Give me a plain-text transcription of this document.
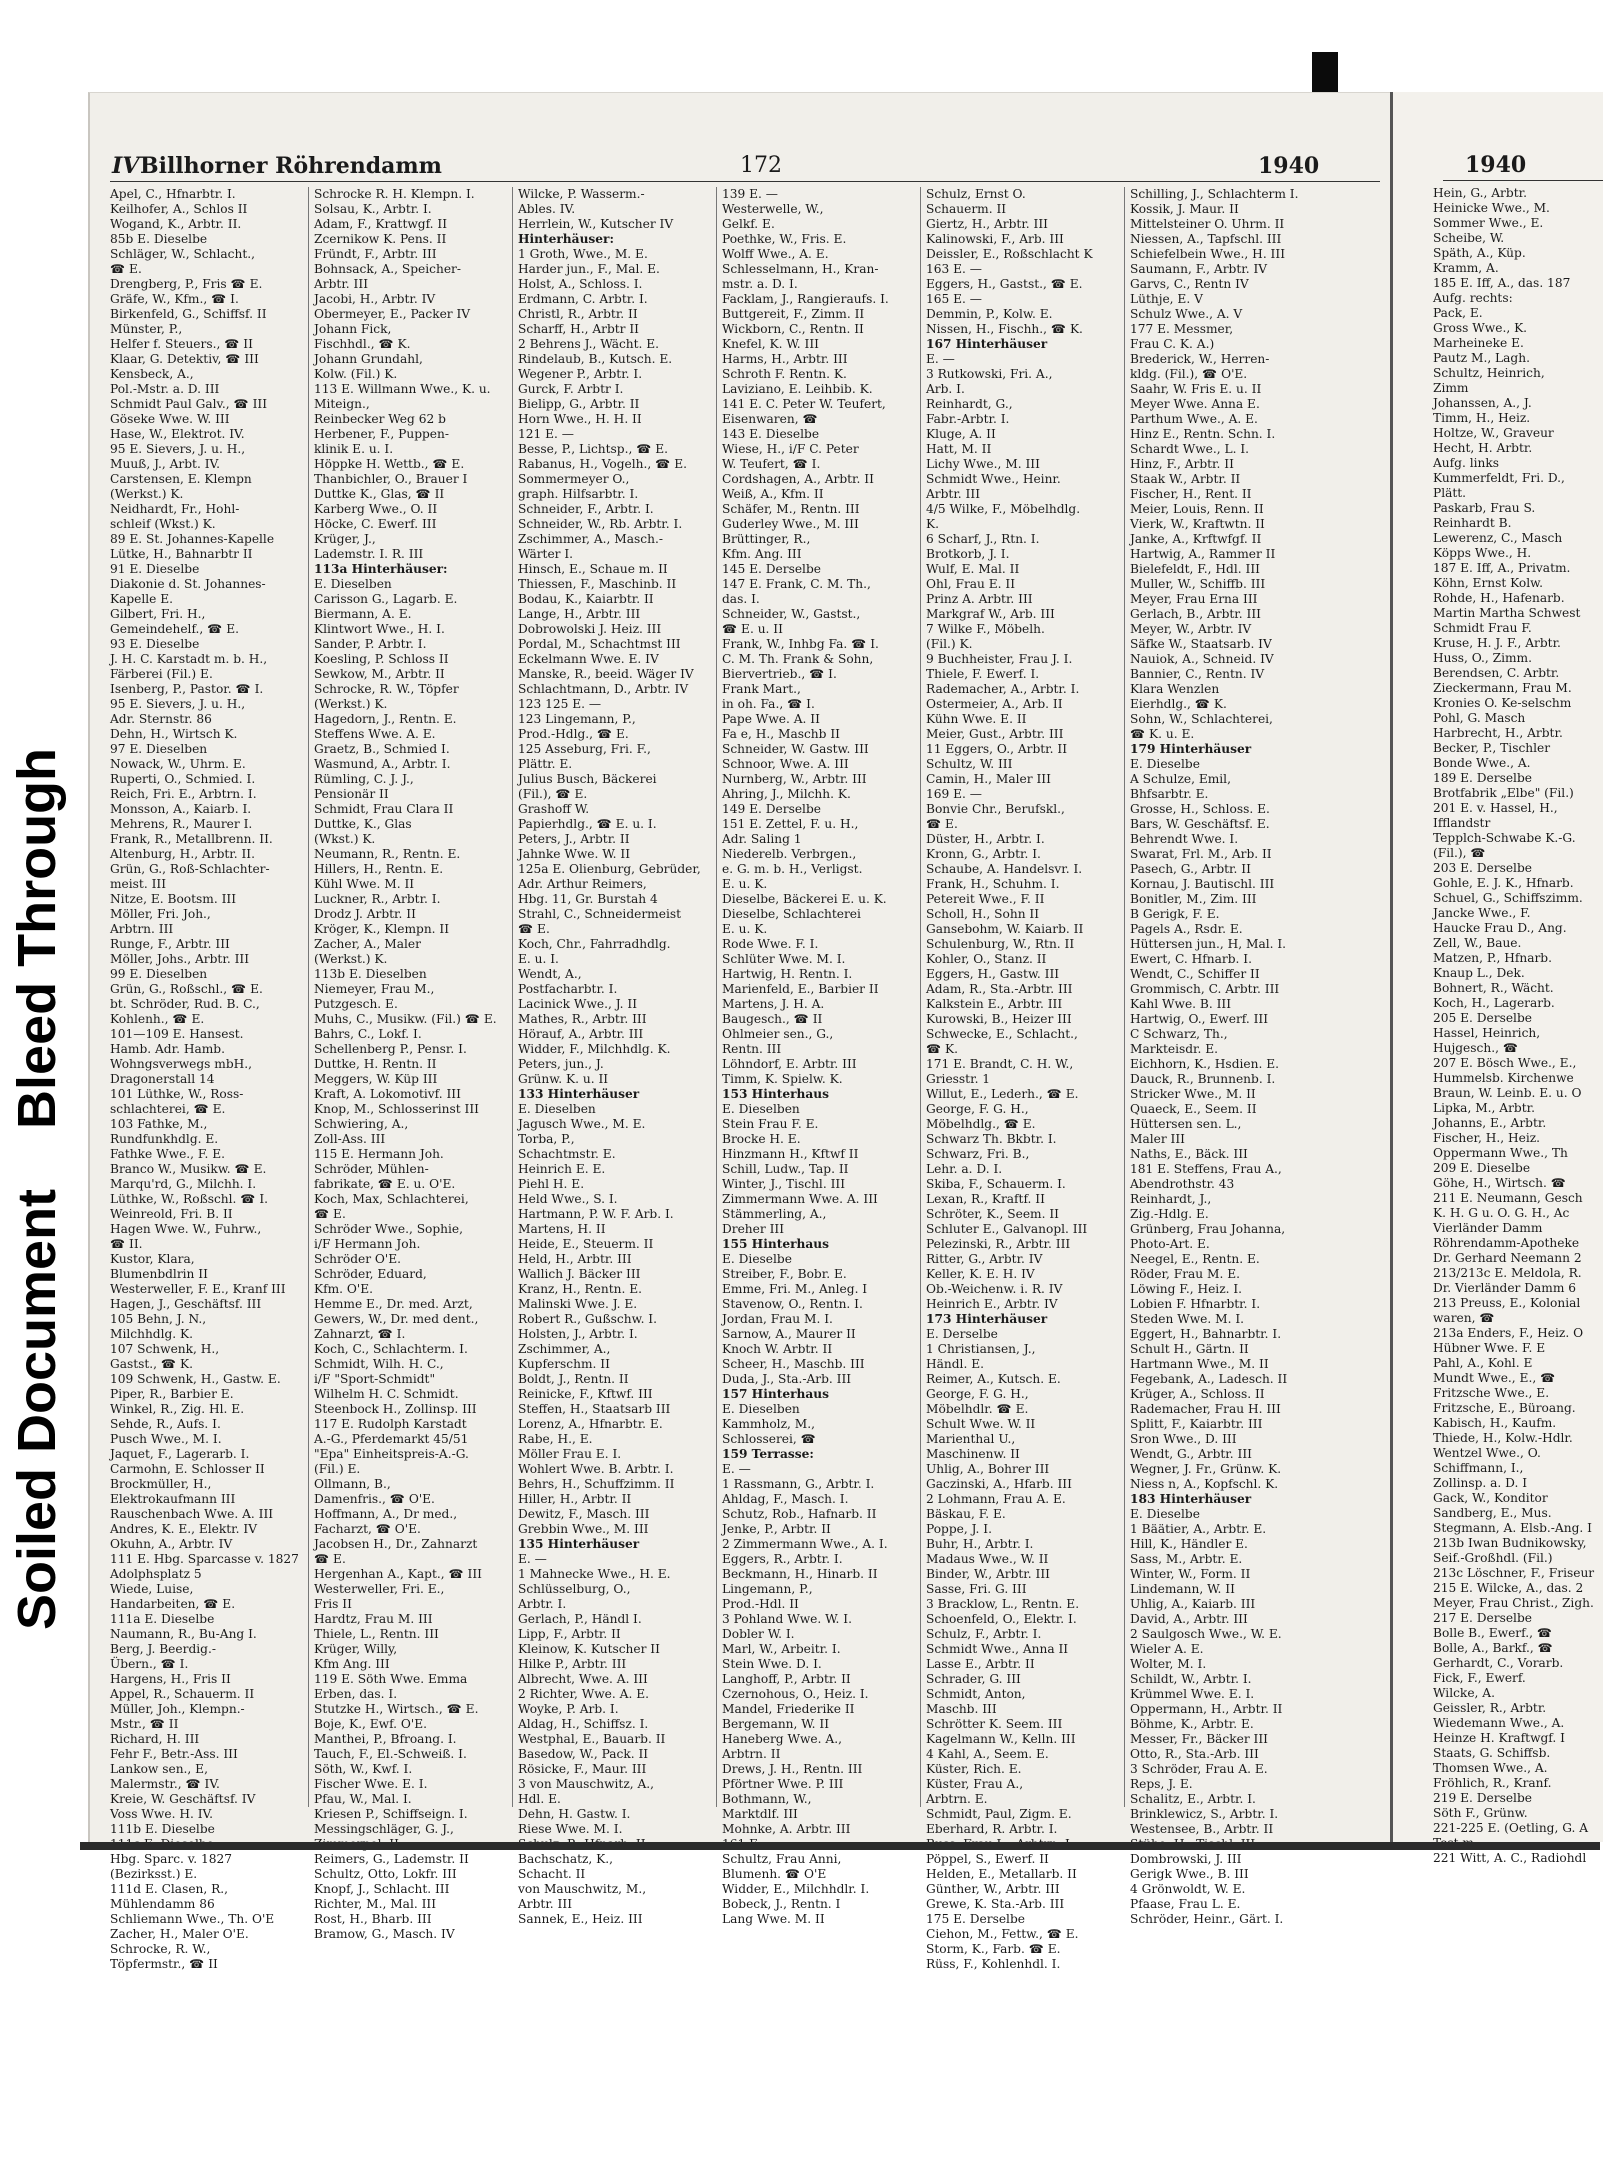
Soiled DocumentBleed Through
IV Billhorner Röhrendamm	172	1940
Apel, C., Hfnarbtr. I.
Keilhofer, A., Schlos II
Wogand, K., Arbtr. II.
85b E. Dieselbe
Schläger, W., Schlacht.,
☎ E.
Drengberg, P., Fris ☎ E.
Gräfe, W., Kfm., ☎ I.
Birkenfeld, G., Schiffsf. II
Münster, P.,
Helfer f. Steuers., ☎ II
Klaar, G. Detektiv, ☎ III
Kensbeck, A.,
Pol.-Mstr. a. D. III
Schmidt Paul Galv., ☎ III
Göseke Wwe. W. III
Hase, W., Elektrot. IV.
95 E. Sievers, J. u. H.,
Muuß, J., Arbt. IV.
Carstensen, E. Klempn
(Werkst.) K.
Neidhardt, Fr., Hohl-
schleif (Wkst.) K.
89 E. St. Johannes-Kapelle
Lütke, H., Bahnarbtr II
91 E. Dieselbe
Diakonie d. St. Johannes-
Kapelle E.
Gilbert, Fri. H.,
Gemeindehelf., ☎ E.
93 E. Dieselbe
J. H. C. Karstadt m. b. H.,
Färberei (Fil.) E.
Isenberg, P., Pastor. ☎ I.
95 E. Sievers, J. u. H.,
Adr. Sternstr. 86
Dehn, H., Wirtsch K.
97 E. Dieselben
Nowack, W., Uhrm. E.
Ruperti, O., Schmied. I.
Reich, Fri. E., Arbtrn. I.
Monsson, A., Kaiarb. I.
Mehrens, R., Maurer I.
Frank, R., Metallbrenn. II.
Altenburg, H., Arbtr. II.
Grün, G., Roß-Schlachter-
meist. III
Nitze, E. Bootsm. III
Möller, Fri. Joh.,
Arbtrn. III
Runge, F., Arbtr. III
Möller, Johs., Arbtr. III
99 E. Dieselben
Grün, G., Roßschl., ☎ E.
bt. Schröder, Rud. B. C.,
Kohlenh., ☎ E.
101—109 E. Hansest.
Hamb. Adr. Hamb.
Wohngsverwegs mbH.,
Dragonerstall 14
101 Lüthke, W., Ross-
schlachterei, ☎ E.
103 Fathke, M.,
Rundfunkhdlg. E.
Fathke Wwe., F. E.
Branco W., Musikw. ☎ E.
Marqu'rd, G., Milchh. I.
Lüthke, W., Roßschl. ☎ I.
Weinreold, Fri. B. II
Hagen Wwe. W., Fuhrw.,
☎ II.
Kustor, Klara,
Blumenbdlrin II
Westerweller, F. E., Kranf III
Hagen, J., Geschäftsf. III
105 Behn, J. N.,
Milchhdlg. K.
107 Schwenk, H.,
Gastst., ☎ K.
109 Schwenk, H., Gastw. E.
Piper, R., Barbier E.
Winkel, R., Zig. Hl. E.
Sehde, R., Aufs. I.
Pusch Wwe., M. I.
Jaquet, F., Lagerarb. I.
Carmohn, E. Schlosser II
Brockmüller, H.,
Elektrokaufmann III
Rauschenbach Wwe. A. III
Andres, K. E., Elektr. IV
Okuhn, A., Arbtr. IV
111 E. Hbg. Sparcasse v. 1827
Adolphsplatz 5
Wiede, Luise,
Handarbeiten, ☎ E.
111a E. Dieselbe
Naumann, R., Bu-Ang I.
Berg, J. Beerdig.-
Übern., ☎ I.
Hargens, H., Fris II
Appel, R., Schauerm. II
Müller, Joh., Klempn.-
Mstr., ☎ II
Richard, H. III
Fehr F., Betr.-Ass. III
Lankow sen., E,
Malermstr., ☎ IV.
Kreie, W. Geschäftsf. IV
Voss Wwe. H. IV.
111b E. Dieselbe
Hbg. Sparc. v. 1827
(Bezirksst.) E.
111d E. Clasen, R.,
Mühlendamm 86
Schliemann Wwe., Th. O'E
Zacher, H., Maler O'E.
Schrocke, R. W.,
Töpfermstr., ☎ II
Schrocke R. H. Klempn. I.
Solsau, K., Arbtr. I.
Adam, F., Krattwgf. II
Zcernikow K. Pens. II
Fründt, F., Arbtr. III
Bohnsack, A., Speicher-
Arbtr. III
Jacobi, H., Arbtr. IV
Obermeyer, E., Packer IV
Johann Fick,
Fischhdl., ☎ K.
Johann Grundahl,
Kolw. (Fil.) K.
113 E. Willmann Wwe., K. u.
Miteign.,
Reinbecker Weg 62 b
Herbener, F., Puppen-
klinik E. u. I.
Höppke H. Wettb., ☎ E.
Thanbichler, O., Brauer I
Duttke K., Glas, ☎ II
Karberg Wwe., O. II
Höcke, C. Ewerf. III
Krüger, J.,
Lademstr. I. R. III
113a Hinterhäuser:
E. Dieselben
Carisson G., Lagarb. E.
Biermann, A. E.
Klintwort Wwe., H. I.
Sander, P. Arbtr. I.
Koesling, P. Schloss II
Sewkow, M., Arbtr. II
Schrocke, R. W., Töpfer
(Werkst.) K.
Hagedorn, J., Rentn. E.
Steffens Wwe. A. E.
Graetz, B., Schmied I.
Wasmund, A., Arbtr. I.
Rümling, C. J. J.,
Pensionär II
Schmidt, Frau Clara II
Duttke, K., Glas
(Wkst.) K.
Neumann, R., Rentn. E.
Hillers, H., Rentn. E.
Kühl Wwe. M. II
Luckner, R., Arbtr. I.
Drodz J. Arbtr. II
Kröger, K., Klempn. II
Zacher, A., Maler
(Werkst.) K.
113b E. Dieselben
Niemeyer, Frau M.,
Putzgesch. E.
Muhs, C., Musikw. (Fil.) ☎ E.
Bahrs, C., Lokf. I.
Schellenberg P., Pensr. I.
Duttke, H. Rentn. II
Meggers, W. Küp III
Kraft, A. Lokomotivf. III
Knop, M., Schlosserinst III
Schwiering, A.,
Zoll-Ass. III
115 E. Hermann Joh.
Schröder, Mühlen-
fabrikate, ☎ E. u. O'E.
Koch, Max, Schlachterei,
☎ E.
Schröder Wwe., Sophie,
i/F Hermann Joh.
Schröder O'E.
Schröder, Eduard,
Kfm. O'E.
Hemme E., Dr. med. Arzt,
Gewers, W., Dr. med dent.,
Zahnarzt, ☎ I.
Koch, C., Schlachterm. I.
Schmidt, Wilh. H. C.,
i/F "Sport-Schmidt"
Wilhelm H. C. Schmidt.
Steenbock H., Zollinsp. III
117 E. Rudolph Karstadt
A.-G., Pferdemarkt 45/51
"Epa" Einheitspreis-A.-G.
(Fil.) E.
Ollmann, B.,
Damenfris., ☎ O'E.
Hoffmann, A., Dr med.,
Facharzt, ☎ O'E.
Jacobsen H., Dr., Zahnarzt
☎ E.
Hergenhan A., Kapt., ☎ III
Westerweller, Fri. E.,
Fris II
Hardtz, Frau M. III
Thiele, L., Rentn. III
Krüger, Willy,
Kfm Ang. III
119 E. Söth Wwe. Emma
Erben, das. I.
Stutzke H., Wirtsch., ☎ E.
Boje, K., Ewf. O'E.
Manthei, P., Bfroang. I.
Tauch, F., El.-Schweiß. I.
Söth, W., Kwf. I.
Fischer Wwe. E. I.
Pfau, W., Mal. I.
Kriesen P., Schiffseign. I.
Messingschläger, G. J.,
Reimers, G., Lademstr. II
Schultz, Otto, Lokfr. III
Knopf, J., Schlacht. III
Richter, M., Mal. III
Rost, H., Bharb. III
Bramow, G., Masch. IV
Wilcke, P. Wasserm.-
Ables. IV.
Herrlein, W., Kutscher IV
Hinterhäuser:
1 Groth, Wwe., M. E.
Harder jun., F., Mal. E.
Holst, A., Schloss. I.
Erdmann, C. Arbtr. I.
Christl, R., Arbtr. II
Scharff, H., Arbtr II
2 Behrens J., Wächt. E.
Rindelaub, B., Kutsch. E.
Wegener P., Arbtr. I.
Gurck, F. Arbtr I.
Bielipp, G., Arbtr. II
Horn Wwe., H. H. II
121 E. —
Besse, P., Lichtsp., ☎ E.
Rabanus, H., Vogelh., ☎ E.
Sommermeyer O.,
graph. Hilfsarbtr. I.
Schneider, F., Arbtr. I.
Schneider, W., Rb. Arbtr. I.
Zschimmer, A., Masch.-
Wärter I.
Hinsch, E., Schaue m. II
Thiessen, F., Maschinb. II
Bodau, K., Kaiarbtr. II
Lange, H., Arbtr. III
Dobrowolski J. Heiz. III
Pordal, M., Schachtmst III
Eckelmann Wwe. E. IV
Manske, R., beeid. Wäger IV
Schlachtmann, D., Arbtr. IV
123 125 E. —
123 Lingemann, P.,
Prod.-Hdlg., ☎ E.
125 Asseburg, Fri. F.,
Plättr. E.
Julius Busch, Bäckerei
(Fil.), ☎ E.
Grashoff W.
Papierhdlg., ☎ E. u. I.
Peters, J., Arbtr. II
Jahnke Wwe. W. II
125a E. Olienburg, Gebrüder,
Adr. Arthur Reimers,
Hbg. 11, Gr. Burstah 4
Strahl, C., Schneidermeist
☎ E.
Koch, Chr., Fahrradhdlg.
E. u. I.
Wendt, A.,
Postfacharbtr. I.
Lacinick Wwe., J. II
Mathes, R., Arbtr. III
Hörauf, A., Arbtr. III
Widder, F., Milchhdlg. K.
Peters, jun., J.
Grünw. K. u. II
133 Hinterhäuser
E. Dieselben
Jagusch Wwe., M. E.
Torba, P.,
Schachtmstr. E.
Heinrich E. E.
Piehl H. E.
Held Wwe., S. I.
Hartmann, P. W. F. Arb. I.
Martens, H. II
Heide, E., Steuerm. II
Held, H., Arbtr. III
Wallich J. Bäcker III
Kranz, H., Rentn. E.
Malinski Wwe. J. E.
Robert R., Gußschw. I.
Holsten, J., Arbtr. I.
Zschimmer, A.,
Kupferschm. II
Boldt, J., Rentn. II
Reinicke, F., Kftwf. III
Steffen, H., Staatsarb III
Lorenz, A., Hfnarbtr. E.
Rabe, H., E.
Möller Frau E. I.
Wohlert Wwe. B. Arbtr. I.
Behrs, H., Schuffzimm. II
Hiller, H., Arbtr. II
Dewitz, F., Masch. III
Grebbin Wwe., M. III
135 Hinterhäuser
E. —
1 Mahnecke Wwe., H. E.
Schlüsselburg, O.,
Arbtr. I.
Gerlach, P., Händl I.
Lipp, F., Arbtr. II
Kleinow, K. Kutscher II
Hilke P., Arbtr. III
Albrecht, Wwe. A. III
2 Richter, Wwe. A. E.
Woyke, P. Arb. I.
Aldag, H., Schiffsz. I.
Westphal, E., Bauarb. II
Basedow, W., Pack. II
Rösicke, F., Maur. III
3 von Mauschwitz, A.,
Hdl. E.
Dehn, H. Gastw. I.
Riese Wwe. M. I.
Bachschatz, K.,
Schacht. II
von Mauschwitz, M.,
Arbtr. III
Sannek, E., Heiz. III
139 E. —
Westerwelle, W.,
Gelkf. E.
Poethke, W., Fris. E.
Wolff Wwe., A. E.
Schlesselmann, H., Kran-
mstr. a. D. I.
Facklam, J., Rangieraufs. I.
Buttgereit, F., Zimm. II
Wickborn, C., Rentn. II
Knefel, K. W. III
Harms, H., Arbtr. III
Schroth F. Rentn. K.
Laviziano, E. Leihbib. K.
141 E. C. Peter W. Teufert,
Eisenwaren, ☎
143 E. Dieselbe
Wiese, H., i/F C. Peter
W. Teufert, ☎ I.
Cordshagen, A., Arbtr. II
Weiß, A., Kfm. II
Schäfer, M., Rentn. III
Guderley Wwe., M. III
Brüttinger, R.,
Kfm. Ang. III
145 E. Derselbe
147 E. Frank, C. M. Th.,
das. I.
Schneider, W., Gastst.,
☎ E. u. II
Frank, W., Inhbg Fa. ☎ I.
C. M. Th. Frank & Sohn,
Biervertrieb., ☎ I.
Frank Mart.,
in oh. Fa., ☎ I.
Pape Wwe. A. II
Fa e, H., Maschb II
Schneider, W. Gastw. III
Schnoor, Wwe. A. III
Nurnberg, W., Arbtr. III
Ahring, J., Milchh. K.
149 E. Derselbe
151 E. Zettel, F. u. H.,
Adr. Saling 1
Niederelb. Verbrgen.,
e. G. m. b. H., Verligst.
E. u. K.
Dieselbe, Bäckerei E. u. K.
Dieselbe, Schlachterei
E. u. K.
Rode Wwe. F. I.
Schlüter Wwe. M. I.
Hartwig, H. Rentn. I.
Marienfeld, E., Barbier II
Martens, J. H. A.
Baugesch., ☎ II
Ohlmeier sen., G.,
Rentn. III
Löhndorf, E. Arbtr. III
Timm, K. Spielw. K.
153 Hinterhaus
E. Dieselben
Stein Frau F. E.
Brocke H. E.
Hinzmann H., Kftwf II
Schill, Ludw., Tap. II
Winter, J., Tischl. III
Zimmermann Wwe. A. III
Stämmerling, A.,
Dreher III
155 Hinterhaus
E. Dieselbe
Streiber, F., Bobr. E.
Emme, Fri. M., Anleg. I
Stavenow, O., Rentn. I.
Jordan, Frau M. I.
Sarnow, A., Maurer II
Knoch W. Arbtr. II
Scheer, H., Maschb. III
Duda, J., Sta.-Arb. III
157 Hinterhaus
E. Dieselben
Kammholz, M.,
Schlosserei, ☎
159 Terrasse:
E. —
1 Rassmann, G., Arbtr. I.
Ahldag, F., Masch. I.
Schutz, Rob., Hafnarb. II
Jenke, P., Arbtr. II
2 Zimmermann Wwe., A. I.
Eggers, R., Arbtr. I.
Beckmann, H., Hinarb. II
Lingemann, P.,
Prod.-Hdl. II
3 Pohland Wwe. W. I.
Dobler W. I.
Marl, W., Arbeitr. I.
Stein Wwe. D. I.
Langhoff, P., Arbtr. II
Czernohous, O., Heiz. I.
Mandel, Friederike II
Bergemann, W. II
Haneberg Wwe. A.,
Arbtrn. II
Drews, J. H., Rentn. III
Pförtner Wwe. P. III
Bothmann, W.,
Marktdlf. III
Mohnke, A. Arbtr. III
Schultz, Frau Anni,
Blumenh. ☎ O'E
Widder, E., Milchhdlr. I.
Bobeck, J., Rentn. I
Lang Wwe. M. II
Schulz, Ernst O.
Schauerm. II
Giertz, H., Arbtr. III
Kalinowski, F., Arb. III
Deissler, E., Roßschlacht K
163 E. —
Eggers, H., Gastst., ☎ E.
165 E. —
Demmin, P., Kolw. E.
Nissen, H., Fischh., ☎ K.
167 Hinterhäuser
E. —
3 Rutkowski, Fri. A.,
Arb. I.
Reinhardt, G.,
Fabr.-Arbtr. I.
Kluge, A. II
Hatt, M. II
Lichy Wwe., M. III
Schmidt Wwe., Heinr.
Arbtr. III
4/5 Wilke, F., Möbelhdlg.
K.
6 Scharf, J., Rtn. I.
Brotkorb, J. I.
Wulf, E. Mal. II
Ohl, Frau E. II
Prinz A. Arbtr. III
Markgraf W., Arb. III
7 Wilke F., Möbelh.
(Fil.) K.
9 Buchheister, Frau J. I.
Thiele, F. Ewerf. I.
Rademacher, A., Arbtr. I.
Ostermeier, A., Arb. II
Kühn Wwe. E. II
Meier, Gust., Arbtr. III
11 Eggers, O., Arbtr. II
Schultz, W. III
Camin, H., Maler III
169 E. —
Bonvie Chr., Berufskl.,
☎ E.
Düster, H., Arbtr. I.
Kronn, G., Arbtr. I.
Schaube, A. Handelsvr. I.
Frank, H., Schuhm. I.
Petereit Wwe., F. II
Scholl, H., Sohn II
Gansebohm, W. Kaiarb. II
Schulenburg, W., Rtn. II
Kohler, O., Stanz. II
Eggers, H., Gastw. III
Adam, R., Sta.-Arbtr. III
Kalkstein E., Arbtr. III
Kurowski, B., Heizer III
Schwecke, E., Schlacht.,
☎ K.
171 E. Brandt, C. H. W.,
Griesstr. 1
Willut, E., Lederh., ☎ E.
George, F. G. H.,
Möbelhdlg., ☎ E.
Schwarz Th. Bkbtr. I.
Schwarz, Fri. B.,
Lehr. a. D. I.
Skiba, F., Schauerm. I.
Lexan, R., Kraftf. II
Schröter, K., Seem. II
Schluter E., Galvanopl. III
Pelezinski, R., Arbtr. III
Ritter, G., Arbtr. IV
Keller, K. E. H. IV
Ob.-Weichenw. i. R. IV
Heinrich E., Arbtr. IV
173 Hinterhäuser
E. Derselbe
1 Christiansen, J.,
Händl. E.
Reimer, A., Kutsch. E.
George, F. G. H.,
Möbelhdlr. ☎ E.
Schult Wwe. W. II
Marienthal U.,
Maschinenw. II
Uhlig, A., Bohrer III
Gaczinski, A., Hfarb. III
2 Lohmann, Frau A. E.
Bäskau, F. E.
Poppe, J. I.
Buhr, H., Arbtr. I.
Madaus Wwe., W. II
Binder, W., Arbtr. III
Sasse, Fri. G. III
3 Bracklow, L., Rentn. E.
Schoenfeld, O., Elektr. I.
Schulz, F., Arbtr. I.
Schmidt Wwe., Anna II
Lasse E., Arbtr. II
Schrader, G. III
Schmidt, Anton,
Maschb. III
Schrötter K. Seem. III
Kagelmann W., Kelln. III
4 Kahl, A., Seem. E.
Küster, Rich. E.
Küster, Frau A.,
Arbtrn. E.
Schmidt, Paul, Zigm. E.
Eberhard, R. Arbtr. I.
Pöppel, S., Ewerf. II
Helden, E., Metallarb. II
Günther, W., Arbtr. III
Grewe, K. Sta.-Arb. III
175 E. Derselbe
Ciehon, M., Fettw., ☎ E.
Storm, K., Farb. ☎ E.
Rüss, F., Kohlenhdl. I.
Schilling, J., Schlachterm I.
Kossik, J. Maur. II
Mittelsteiner O. Uhrm. II
Niessen, A., Tapfschl. III
Schiefelbein Wwe., H. III
Saumann, F., Arbtr. IV
Garvs, C., Rentn IV
Lüthje, E. V
Schulz Wwe., A. V
177 E. Messmer,
Frau C. K. A.)
Brederick, W., Herren-
kldg. (Fil.), ☎ O'E.
Saahr, W. Fris E. u. II
Meyer Wwe. Anna E.
Parthum Wwe., A. E.
Hinz E., Rentn. Schn. I.
Schardt Wwe., L. I.
Hinz, F., Arbtr. II
Staak W., Arbtr. II
Fischer, H., Rent. II
Meier, Louis, Renn. II
Vierk, W., Kraftwtn. II
Janke, A., Krftwfgf. II
Hartwig, A., Rammer II
Bielefeldt, F., Hdl. III
Muller, W., Schiffb. III
Meyer, Frau Erna III
Gerlach, B., Arbtr. III
Meyer, W., Arbtr. IV
Säfke W., Staatsarb. IV
Nauiok, A., Schneid. IV
Bannier, C., Rentn. IV
Klara Wenzlen
Eierhdlg., ☎ K.
Sohn, W., Schlachterei,
☎ K. u. E.
179 Hinterhäuser
E. Dieselbe
A Schulze, Emil,
Bhfsarbtr. E.
Grosse, H., Schloss. E.
Bars, W. Geschäftsf. E.
Behrendt Wwe. I.
Swarat, Frl. M., Arb. II
Pasech, G., Arbtr. II
Kornau, J. Bautischl. III
Bonitler, M., Zim. III
B Gerigk, F. E.
Pagels A., Rsdr. E.
Hüttersen jun., H, Mal. I.
Ewert, C. Hfnarb. I.
Wendt, C., Schiffer II
Grommisch, C. Arbtr. III
Kahl Wwe. B. III
Hartwig, O., Ewerf. III
C Schwarz, Th.,
Markteisdr. E.
Eichhorn, K., Hsdien. E.
Dauck, R., Brunnenb. I.
Stricker Wwe., M. II
Quaeck, E., Seem. II
Hüttersen sen. L.,
Maler III
Naths, E., Bäck. III
181 E. Steffens, Frau A.,
Abendrothstr. 43
Reinhardt, J.,
Zig.-Hdlg. E.
Grünberg, Frau Johanna,
Photo-Art. E.
Neegel, E., Rentn. E.
Röder, Frau M. E.
Löwing F., Heiz. I.
Lobien F. Hfnarbtr. I.
Steden Wwe. M. I.
Eggert, H., Bahnarbtr. I.
Schult H., Gärtn. II
Hartmann Wwe., M. II
Fegebank, A., Ladesch. II
Krüger, A., Schloss. II
Rademacher, Frau H. III
Splitt, F., Kaiarbtr. III
Sron Wwe., D. III
Wendt, G., Arbtr. III
Wegner, J. Fr., Grünw. K.
Niess n, A., Kopfschl. K.
183 Hinterhäuser
E. Dieselbe
1 Bäätier, A., Arbtr. E.
Hill, K., Händler E.
Sass, M., Arbtr. E.
Winter, W., Form. II
Lindemann, W. II
Uhlig, A., Kaiarb. III
David, A., Arbtr. III
2 Saulgosch Wwe., W. E.
Wieler A. E.
Wolter, M. I.
Schildt, W., Arbtr. I.
Krümmel Wwe. E. I.
Oppermann, H., Arbtr. II
Böhme, K., Arbtr. E.
Messer, Fr., Bäcker III
Otto, R., Sta.-Arb. III
3 Schröder, Frau A. E.
Reps, J. E.
Schalitz, E., Arbtr. I.
Brinklewicz, S., Arbtr. I.
Westensee, B., Arbtr. II
Dombrowski, J. III
Gerigk Wwe., B. III
4 Grönwoldt, W. E.
Pfaase, Frau L. E.
Schröder, Heinr., Gärt. I.
1940
Hein, G., Arbtr.
Heinicke Wwe., M.
Sommer Wwe., E.
Scheibe, W.
Späth, A., Küp.
Kramm, A.
185 E. Iff, A., das. 187
Aufg. rechts:
Pack, E.
Gross Wwe., K.
Marheineke E.
Pautz M., Lagh.
Schultz, Heinrich,
Zimm
Johanssen, A., J.
Timm, H., Heiz.
Holtze, W., Graveur
Hecht, H. Arbtr.
Aufg. links
Kummerfeldt, Fri. D.,
Plätt.
Paskarb, Frau S.
Reinhardt B.
Lewerenz, C., Masch
Köpps Wwe., H.
187 E. Iff, A., Privatm.
Köhn, Ernst Kolw.
Rohde, H., Hafenarb.
Martin Martha Schwest
Schmidt Frau F.
Kruse, H. J. F., Arbtr.
Huss, O., Zimm.
Berendsen, C. Arbtr.
Zieckermann, Frau M.
Kronies O. Ke-selschm
Pohl, G. Masch
Harbrecht, H., Arbtr.
Becker, P., Tischler
Bonde Wwe., A.
189 E. Derselbe
Brotfabrik „Elbe" (Fil.)
201 E. v. Hassel, H.,
Ifflandstr
Tepplch-Schwabe K.-G.
(Fil.), ☎
203 E. Derselbe
Gohle, E. J. K., Hfnarb.
Schuel, G., Schiffszimm.
Jancke Wwe., F.
Haucke Frau D., Ang.
Zell, W., Baue.
Matzen, P., Hfnarb.
Knaup L., Dek.
Bohnert, R., Wächt.
Koch, H., Lagerarb.
205 E. Derselbe
Hassel, Heinrich,
Hujgesch., ☎
207 E. Bösch Wwe., E.,
Hummelsb. Kirchenwe
Braun, W. Leinb. E. u. O
Lipka, M., Arbtr.
Johanns, E., Arbtr.
Fischer, H., Heiz.
Oppermann Wwe., Th
209 E. Dieselbe
Göhe, H., Wirtsch. ☎
211 E. Neumann, Gesch
K. H. G u. O. G. H., Ac
Vierländer Damm
Röhrendamm-Apotheke
Dr. Gerhard Neemann 2
213/213c E. Meldola, R.
Dr. Vierländer Damm 6
213 Preuss, E., Kolonial
waren, ☎
213a Enders, F., Heiz. O
Hübner Wwe. F. E
Pahl, A., Kohl. E
Mundt Wwe., E., ☎
Fritzsche Wwe., E.
Fritzsche, E., Büroang.
Kabisch, H., Kaufm.
Thiede, H., Kolw.-Hdlr.
Wentzel Wwe., O.
Schiffmann, I.,
Zollinsp. a. D. I
Gack, W., Konditor
Sandberg, E., Mus.
Stegmann, A. Elsb.-Ang. I
213b Iwan Budnikowsky,
Seif.-Großhdl. (Fil.)
213c Löschner, F., Friseur
215 E. Wilcke, A., das. 2
Meyer, Frau Christ., Zigh.
217 E. Derselbe
Bolle B., Ewerf., ☎
Bolle, A., Barkf., ☎
Gerhardt, C., Vorarb.
Fick, F., Ewerf.
Wilcke, A.
Geissler, R., Arbtr.
Wiedemann Wwe., A.
Heinze H. Kraftwgf. I
Staats, G. Schiffsb.
Thomsen Wwe., A.
Fröhlich, R., Kranf.
219 E. Derselbe
Söth F., Grünw.
221-225 E. (Oetling, G. A
221 Witt, A. C., Radiohdl
